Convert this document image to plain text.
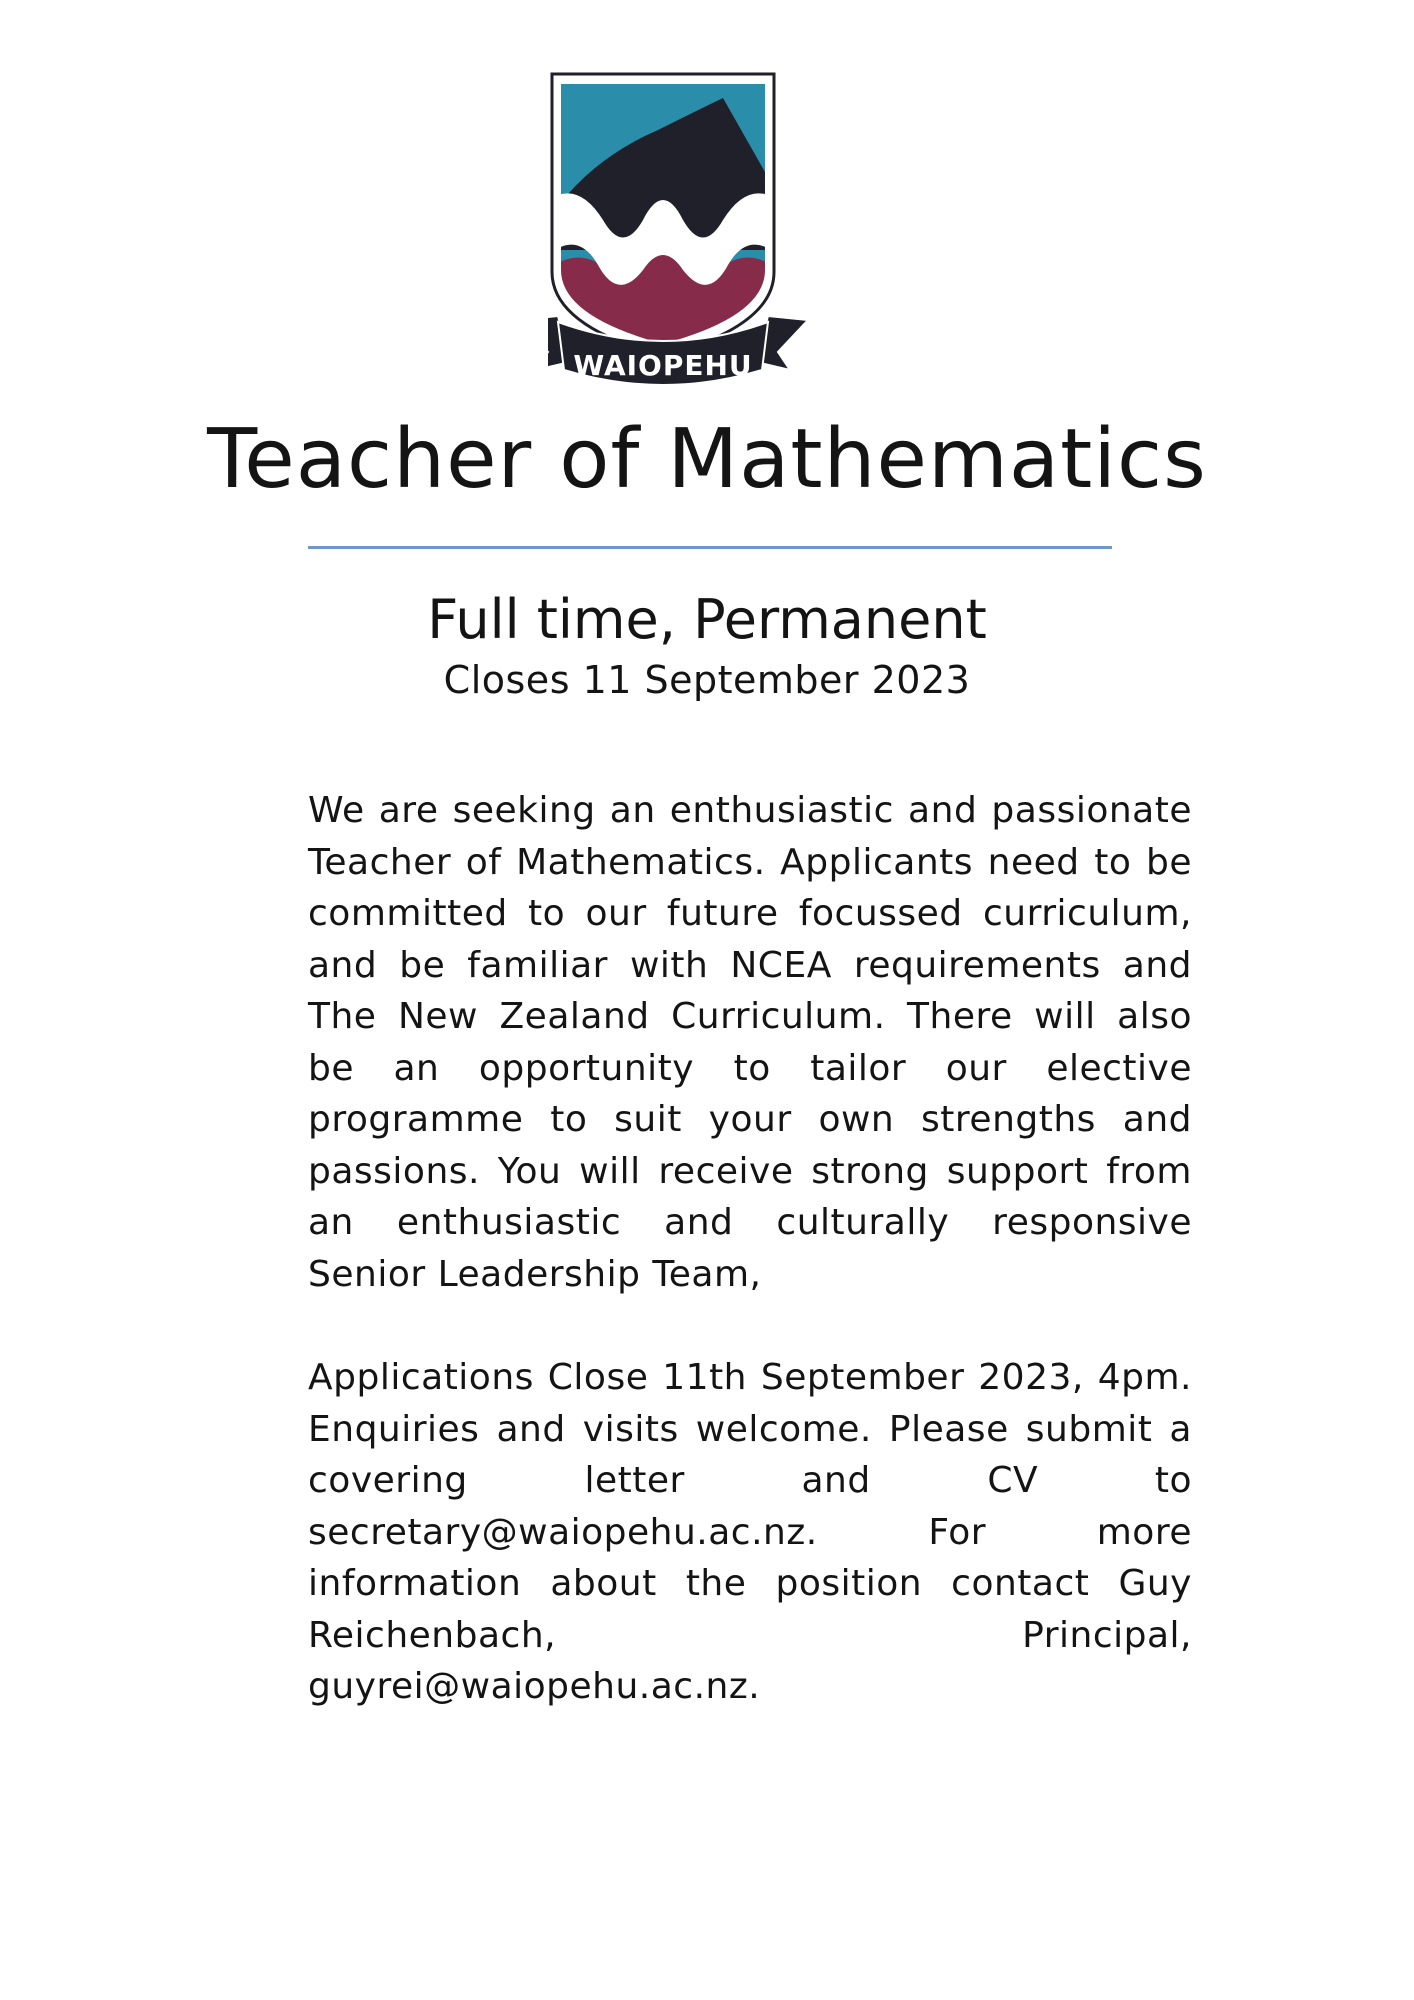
WAIOPEHU
Teacher of Mathematics
Full time, Permanent

Closes 11 September 2023

We are seeking an enthusiastic and passionate Teacher of Mathematics. Applicants need to be committed to our future focussed curriculum, and be familiar with NCEA requirements and The New Zealand Curriculum. There will also be an opportunity to tailor our elective programme to suit your own strengths and passions. You will receive strong support from an enthusiastic and culturally responsive Senior Leadership Team,

Applications Close 11th September 2023, 4pm. Enquiries and visits welcome. Please submit a covering letter and CV to secretary@waiopehu.ac.nz. For more information about the position contact Guy Reichenbach, Principal, guyrei@waiopehu.ac.nz.
